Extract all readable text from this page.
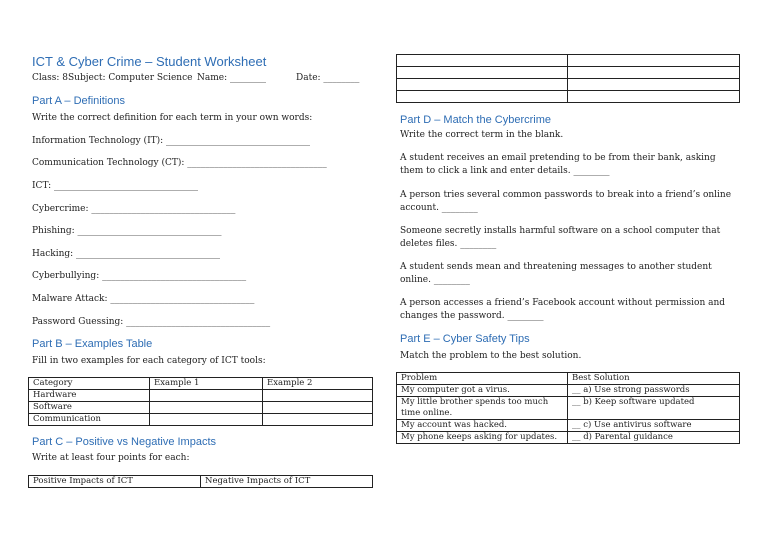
ICT & Cyber Crime – Student Worksheet
Class: 8Subject: Computer Science Name: ________	Date: ________
Part A – Definitions
Write the correct definition for each term in your own words:
Information Technology (IT): ________________________________
Communication Technology (CT): _______________________________
ICT: ________________________________
Cybercrime: ________________________________
Phishing: ________________________________
Hacking: ________________________________
Cyberbullying: ________________________________
Malware Attack: ________________________________
Password Guessing: ________________________________
Part B – Examples Table
Fill in two examples for each category of ICT tools:
Category	Example 1	Example 2
Hardware		
Software		
Communication		
Part C – Positive vs Negative Impacts
Write at least four points for each:
Positive Impacts of ICT	Negative Impacts of ICT

Part D – Match the Cybercrime
Write the correct term in the blank.
A student receives an email pretending to be from their bank, asking them to click a link and enter details. ________
A person tries several common passwords to break into a friend’s online account. ________
Someone secretly installs harmful software on a school computer that deletes files. ________
A student sends mean and threatening messages to another student online. ________
A person accesses a friend’s Facebook account without permission and changes the password. ________
Part E – Cyber Safety Tips
Match the problem to the best solution.
Problem	Best Solution
My computer got a virus.	__ a) Use strong passwords
My little brother spends too much time online.	__ b) Keep software updated
My account was hacked.	__ c) Use antivirus software
My phone keeps asking for updates.	__ d) Parental guidance
